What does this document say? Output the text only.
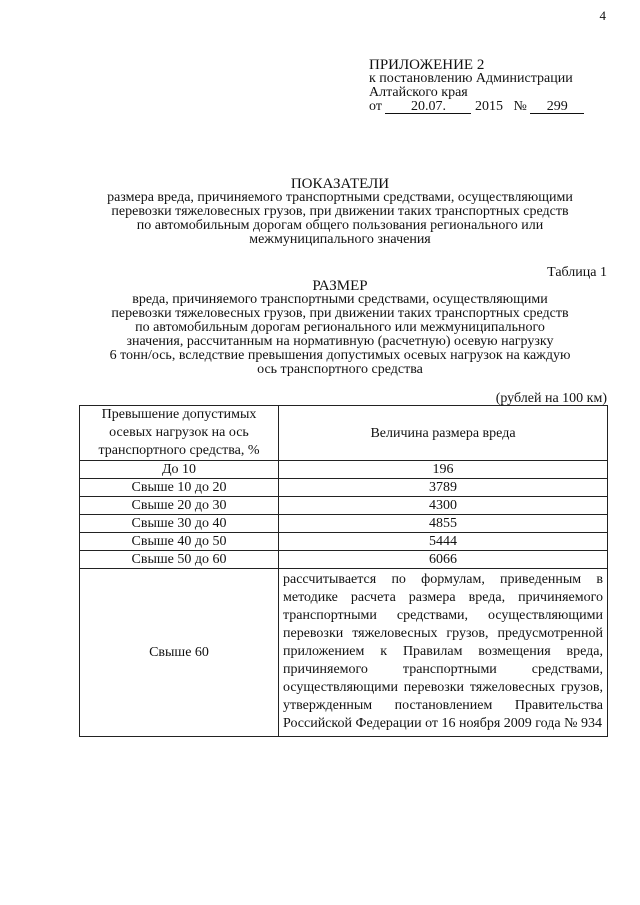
4
ПРИЛОЖЕНИЕ 2
к постановлению Администрации
Алтайского края
от 20.07. 2015 № 299
ПОКАЗАТЕЛИ
размера вреда, причиняемого транспортными средствами, осуществляющими
перевозки тяжеловесных грузов, при движении таких транспортных средств
по автомобильным дорогам общего пользования регионального или
межмуниципального значения
Таблица 1
РАЗМЕР
вреда, причиняемого транспортными средствами, осуществляющими
перевозки тяжеловесных грузов, при движении таких транспортных средств
по автомобильным дорогам регионального или межмуниципального
значения, рассчитанным на нормативную (расчетную) осевую нагрузку
6 тонн/ось, вследствие превышения допустимых осевых нагрузок на каждую
ось транспортного средства
(рублей на 100 км)
Превышение допустимых осевых нагрузок на ось транспортного средства, %	Величина размера вреда
До 10	196
Свыше 10 до 20	3789
Свыше 20 до 30	4300
Свыше 30 до 40	4855
Свыше 40 до 50	5444
Свыше 50 до 60	6066
Свыше 60	рассчитывается по формулам, приведенным в методике расчета размера вреда, причиняемого транспортными средствами, осуществляющими перевозки тяжеловесных грузов, предусмотренной приложением к Правилам возмещения вреда, причиняемого транспортными средствами, осуществляющими перевозки тяжеловесных грузов, утвержденным постановлением Правительства Российской Федерации от 16 ноября 2009 года № 934
